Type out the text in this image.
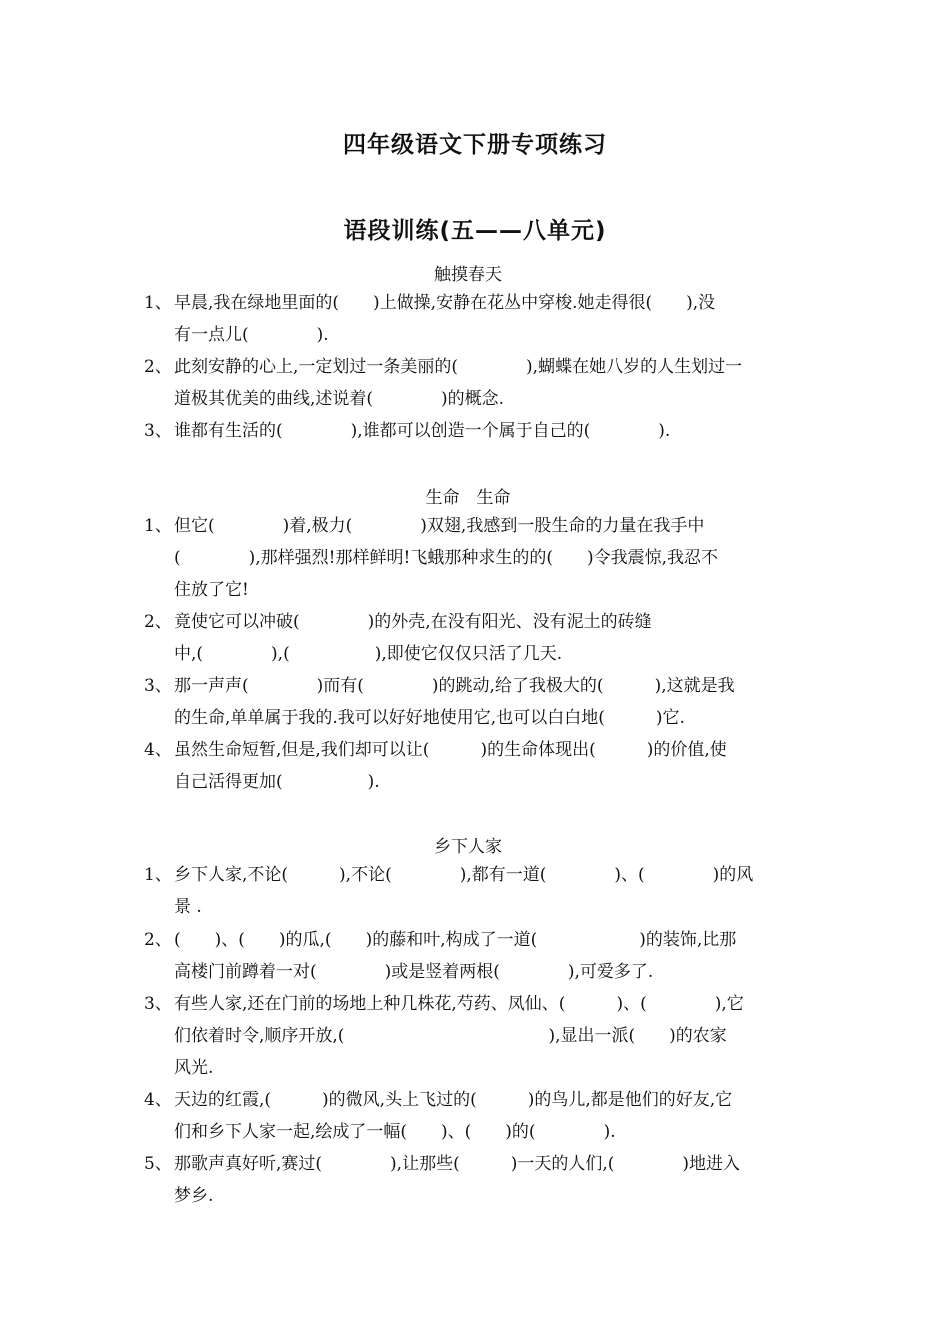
四年级语文下册专项练习
语段训练(五——八单元)
触摸春天
1、 早晨,我在绿地里面的(　　)上做操,安静在花丛中穿梭.她走得很(　　),没
有一点儿(　　　　).
2、 此刻安静的心上,一定划过一条美丽的(　　　　),蝴蝶在她八岁的人生划过一
道极其优美的曲线,述说着(　　　　)的概念.
3、 谁都有生活的(　　　　),谁都可以创造一个属于自己的(　　　　).
生命　生命
1、 但它(　　　　)着,极力(　　　　)双翅,我感到一股生命的力量在我手中
(　　　　),那样强烈!那样鲜明!飞蛾那种求生的的(　　)令我震惊,我忍不
住放了它!
2、 竟使它可以冲破(　　　　)的外壳,在没有阳光、没有泥土的砖缝
中,(　　　　),(　　　　　),即使它仅仅只活了几天.
3、 那一声声(　　　　)而有(　　　　)的跳动,给了我极大的(　　　),这就是我
的生命,单单属于我的.我可以好好地使用它,也可以白白地(　　　)它.
4、 虽然生命短暂,但是,我们却可以让(　　　)的生命体现出(　　　)的价值,使
自己活得更加(　　　　　).
乡下人家
1、 乡下人家,不论(　　　),不论(　　　　),都有一道(　　　　)、(　　　　)的风
景 .
2、 (　　)、(　　)的瓜,(　　)的藤和叶,构成了一道(　　　　　　)的装饰,比那
高楼门前蹲着一对(　　　　)或是竖着两根(　　　　),可爱多了.
3、 有些人家,还在门前的场地上种几株花,芍药、凤仙、(　　　)、(　　　　),它
们依着时令,顺序开放,(　　　　　　　　　　　　),显出一派(　　)的农家
风光.
4、 天边的红霞,(　　　)的微风,头上飞过的(　　　)的鸟儿,都是他们的好友,它
们和乡下人家一起,绘成了一幅(　　)、(　　)的(　　　　).
5、 那歌声真好听,赛过(　　　　),让那些(　　　)一天的人们,(　　　　)地进入
梦乡.
